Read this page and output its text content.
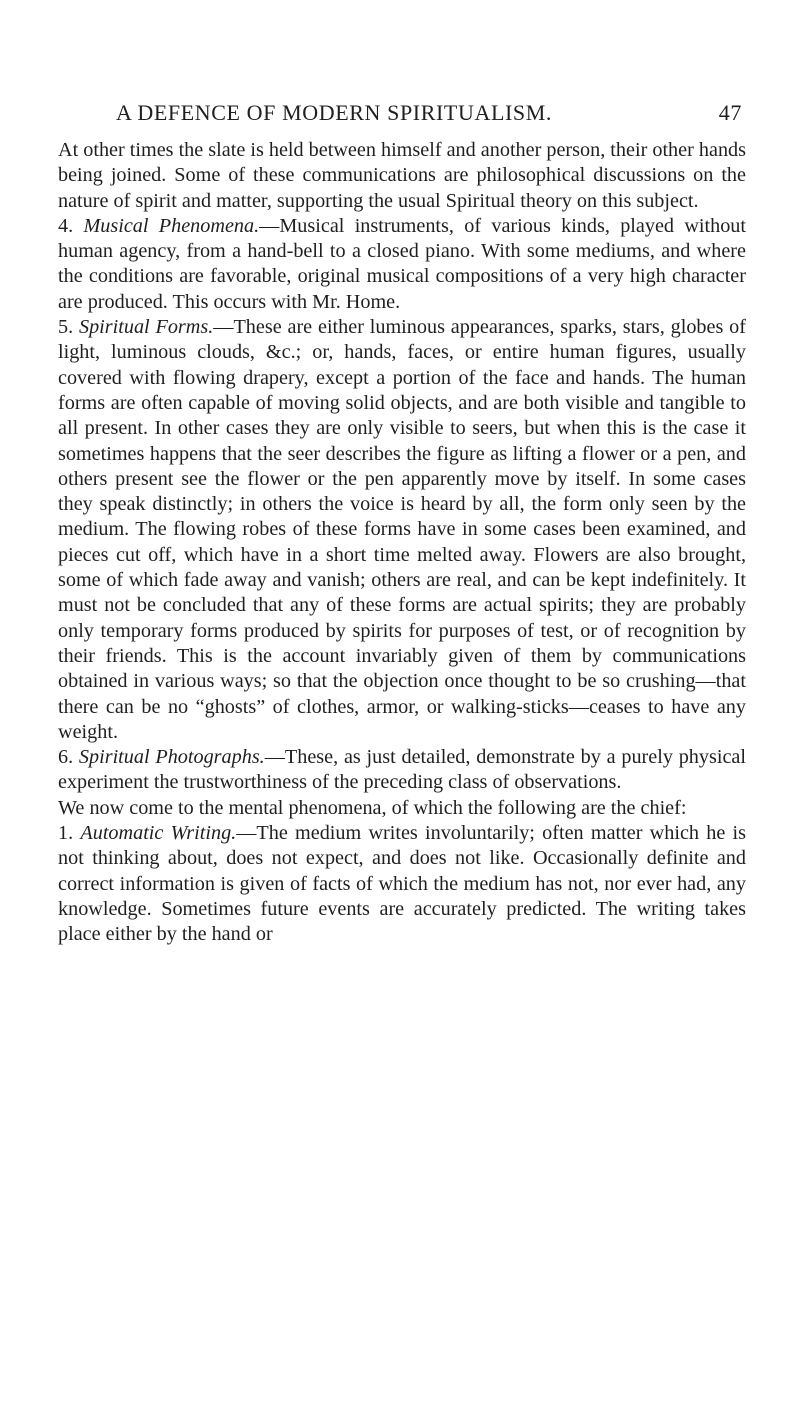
A DEFENCE OF MODERN SPIRITUALISM.	47

At other times the slate is held between himself and another person, their other hands being joined. Some of these communications are philosophical discussions on the nature of spirit and matter, supporting the usual Spiritual theory on this subject.

4. Musical Phenomena.—Musical instruments, of various kinds, played without human agency, from a hand-bell to a closed piano. With some mediums, and where the conditions are favorable, original musical compositions of a very high character are produced. This occurs with Mr. Home.

5. Spiritual Forms.—These are either luminous appearances, sparks, stars, globes of light, luminous clouds, &c.; or, hands, faces, or entire human figures, usually covered with flowing drapery, except a portion of the face and hands. The human forms are often capable of moving solid objects, and are both visible and tangible to all present. In other cases they are only visible to seers, but when this is the case it sometimes happens that the seer describes the figure as lifting a flower or a pen, and others present see the flower or the pen apparently move by itself. In some cases they speak distinctly; in others the voice is heard by all, the form only seen by the medium. The flowing robes of these forms have in some cases been examined, and pieces cut off, which have in a short time melted away. Flowers are also brought, some of which fade away and vanish; others are real, and can be kept indefinitely. It must not be concluded that any of these forms are actual spirits; they are probably only temporary forms produced by spirits for purposes of test, or of recognition by their friends. This is the account invariably given of them by communications obtained in various ways; so that the objection once thought to be so crushing—that there can be no “ghosts” of clothes, armor, or walking-sticks—ceases to have any weight.

6. Spiritual Photographs.—These, as just detailed, demonstrate by a purely physical experiment the trustworthiness of the preceding class of observations.

We now come to the mental phenomena, of which the following are the chief:

1. Automatic Writing.—The medium writes involuntarily; often matter which he is not thinking about, does not expect, and does not like. Occasionally definite and correct information is given of facts of which the medium has not, nor ever had, any knowledge. Sometimes future events are accurately predicted. The writing takes place either by the hand or
